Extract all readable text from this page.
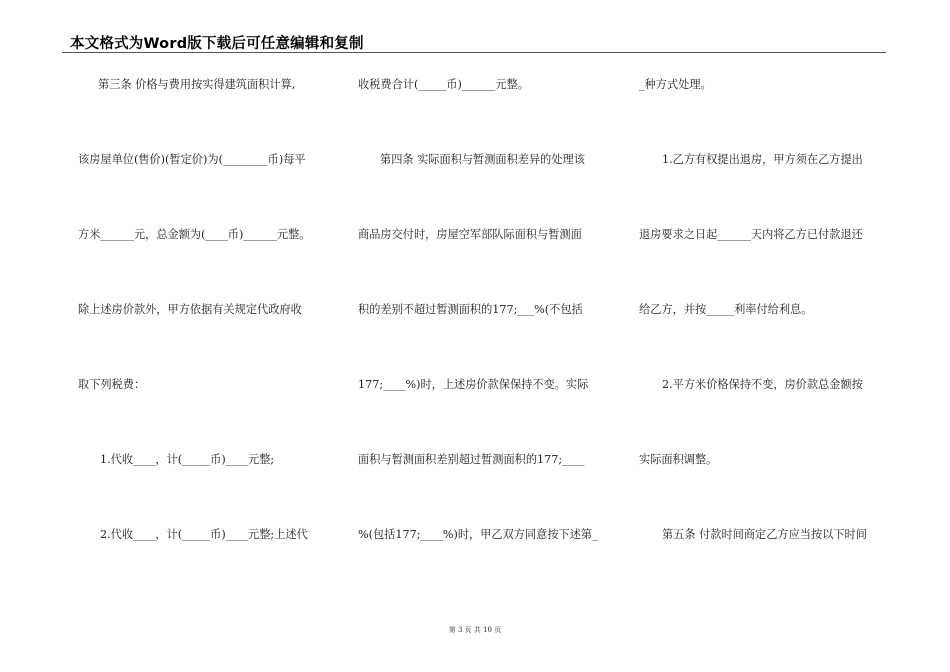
本文格式为Word版下载后可任意编辑和复制
第三条 价格与费用按实得建筑面积计算,
该房屋单位(售价)(暂定价)为(________币)每平
方米______元，总金额为(____币)______元整。
除上述房价款外，甲方依据有关规定代政府收
取下列税费：
1.代收____，计(_____币)____元整;
2.代收____，计(_____币)____元整;上述代
收税费合计(_____币)______元整。
第四条 实际面积与暂测面积差异的处理该
商品房交付时，房屋空军部队际面积与暂测面
积的差别不超过暂测面积的177;___%(不包括
177;____%)时，上述房价款保保持不变。实际
面积与暂测面积差别超过暂测面积的177;____
%(包括177;____%)时，甲乙双方同意按下述第_
_种方式处理。
1.乙方有权提出退房，甲方须在乙方提出
退房要求之日起______天内将乙方已付款退还
给乙方，并按_____利率付给利息。
2.平方米价格保持不变，房价款总金额按
实际面积调整。
第五条 付款时间商定乙方应当按以下时间
第 3 页 共 10 页
